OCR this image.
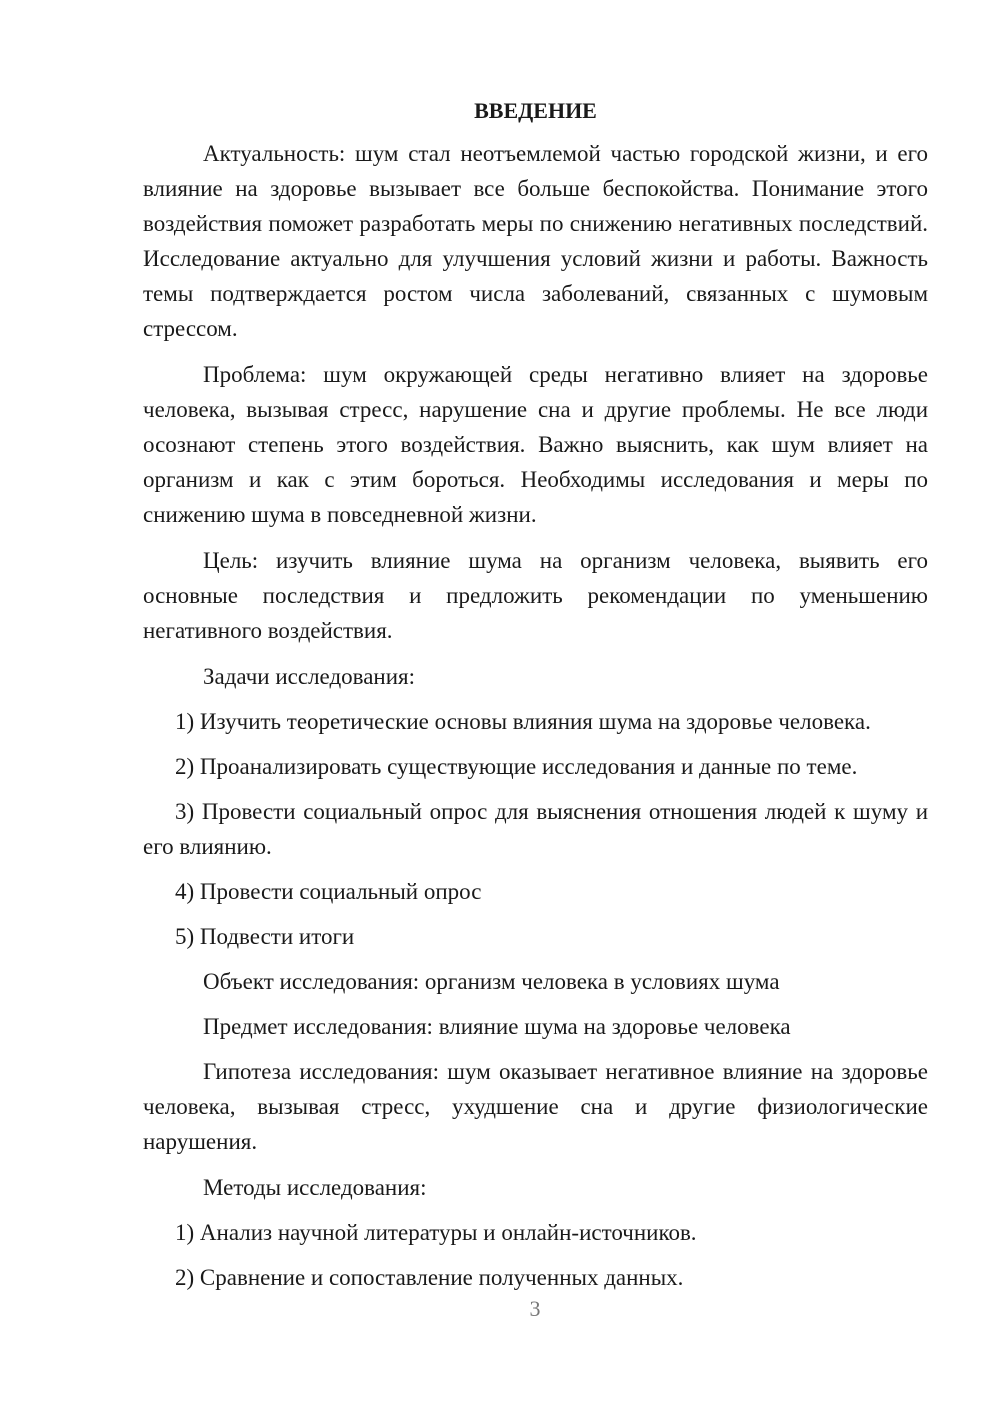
ВВЕДЕНИЕ

Актуальность: шум стал неотъемлемой частью городской жизни, и его влияние на здоровье вызывает все больше беспокойства. Понимание этого воздействия поможет разработать меры по снижению негативных последствий. Исследование актуально для улучшения условий жизни и работы. Важность темы подтверждается ростом числа заболеваний, связанных с шумовым стрессом.

Проблема: шум окружающей среды негативно влияет на здоровье человека, вызывая стресс, нарушение сна и другие проблемы. Не все люди осознают степень этого воздействия. Важно выяснить, как шум влияет на организм и как с этим бороться. Необходимы исследования и меры по снижению шума в повседневной жизни.

Цель: изучить влияние шума на организм человека, выявить его основные последствия и предложить рекомендации по уменьшению негативного воздействия.

Задачи исследования:

1) Изучить теоретические основы влияния шума на здоровье человека.

2) Проанализировать существующие исследования и данные по теме.

3) Провести социальный опрос для выяснения отношения людей к шуму и его влиянию.

4) Провести социальный опрос

5) Подвести итоги

Объект исследования: организм человека в условиях шума

Предмет исследования: влияние шума на здоровье человека

Гипотеза исследования: шум оказывает негативное влияние на здоровье человека, вызывая стресс, ухудшение сна и другие физиологические нарушения.

Методы исследования:

1) Анализ научной литературы и онлайн-источников.

2) Сравнение и сопоставление полученных данных.

3
